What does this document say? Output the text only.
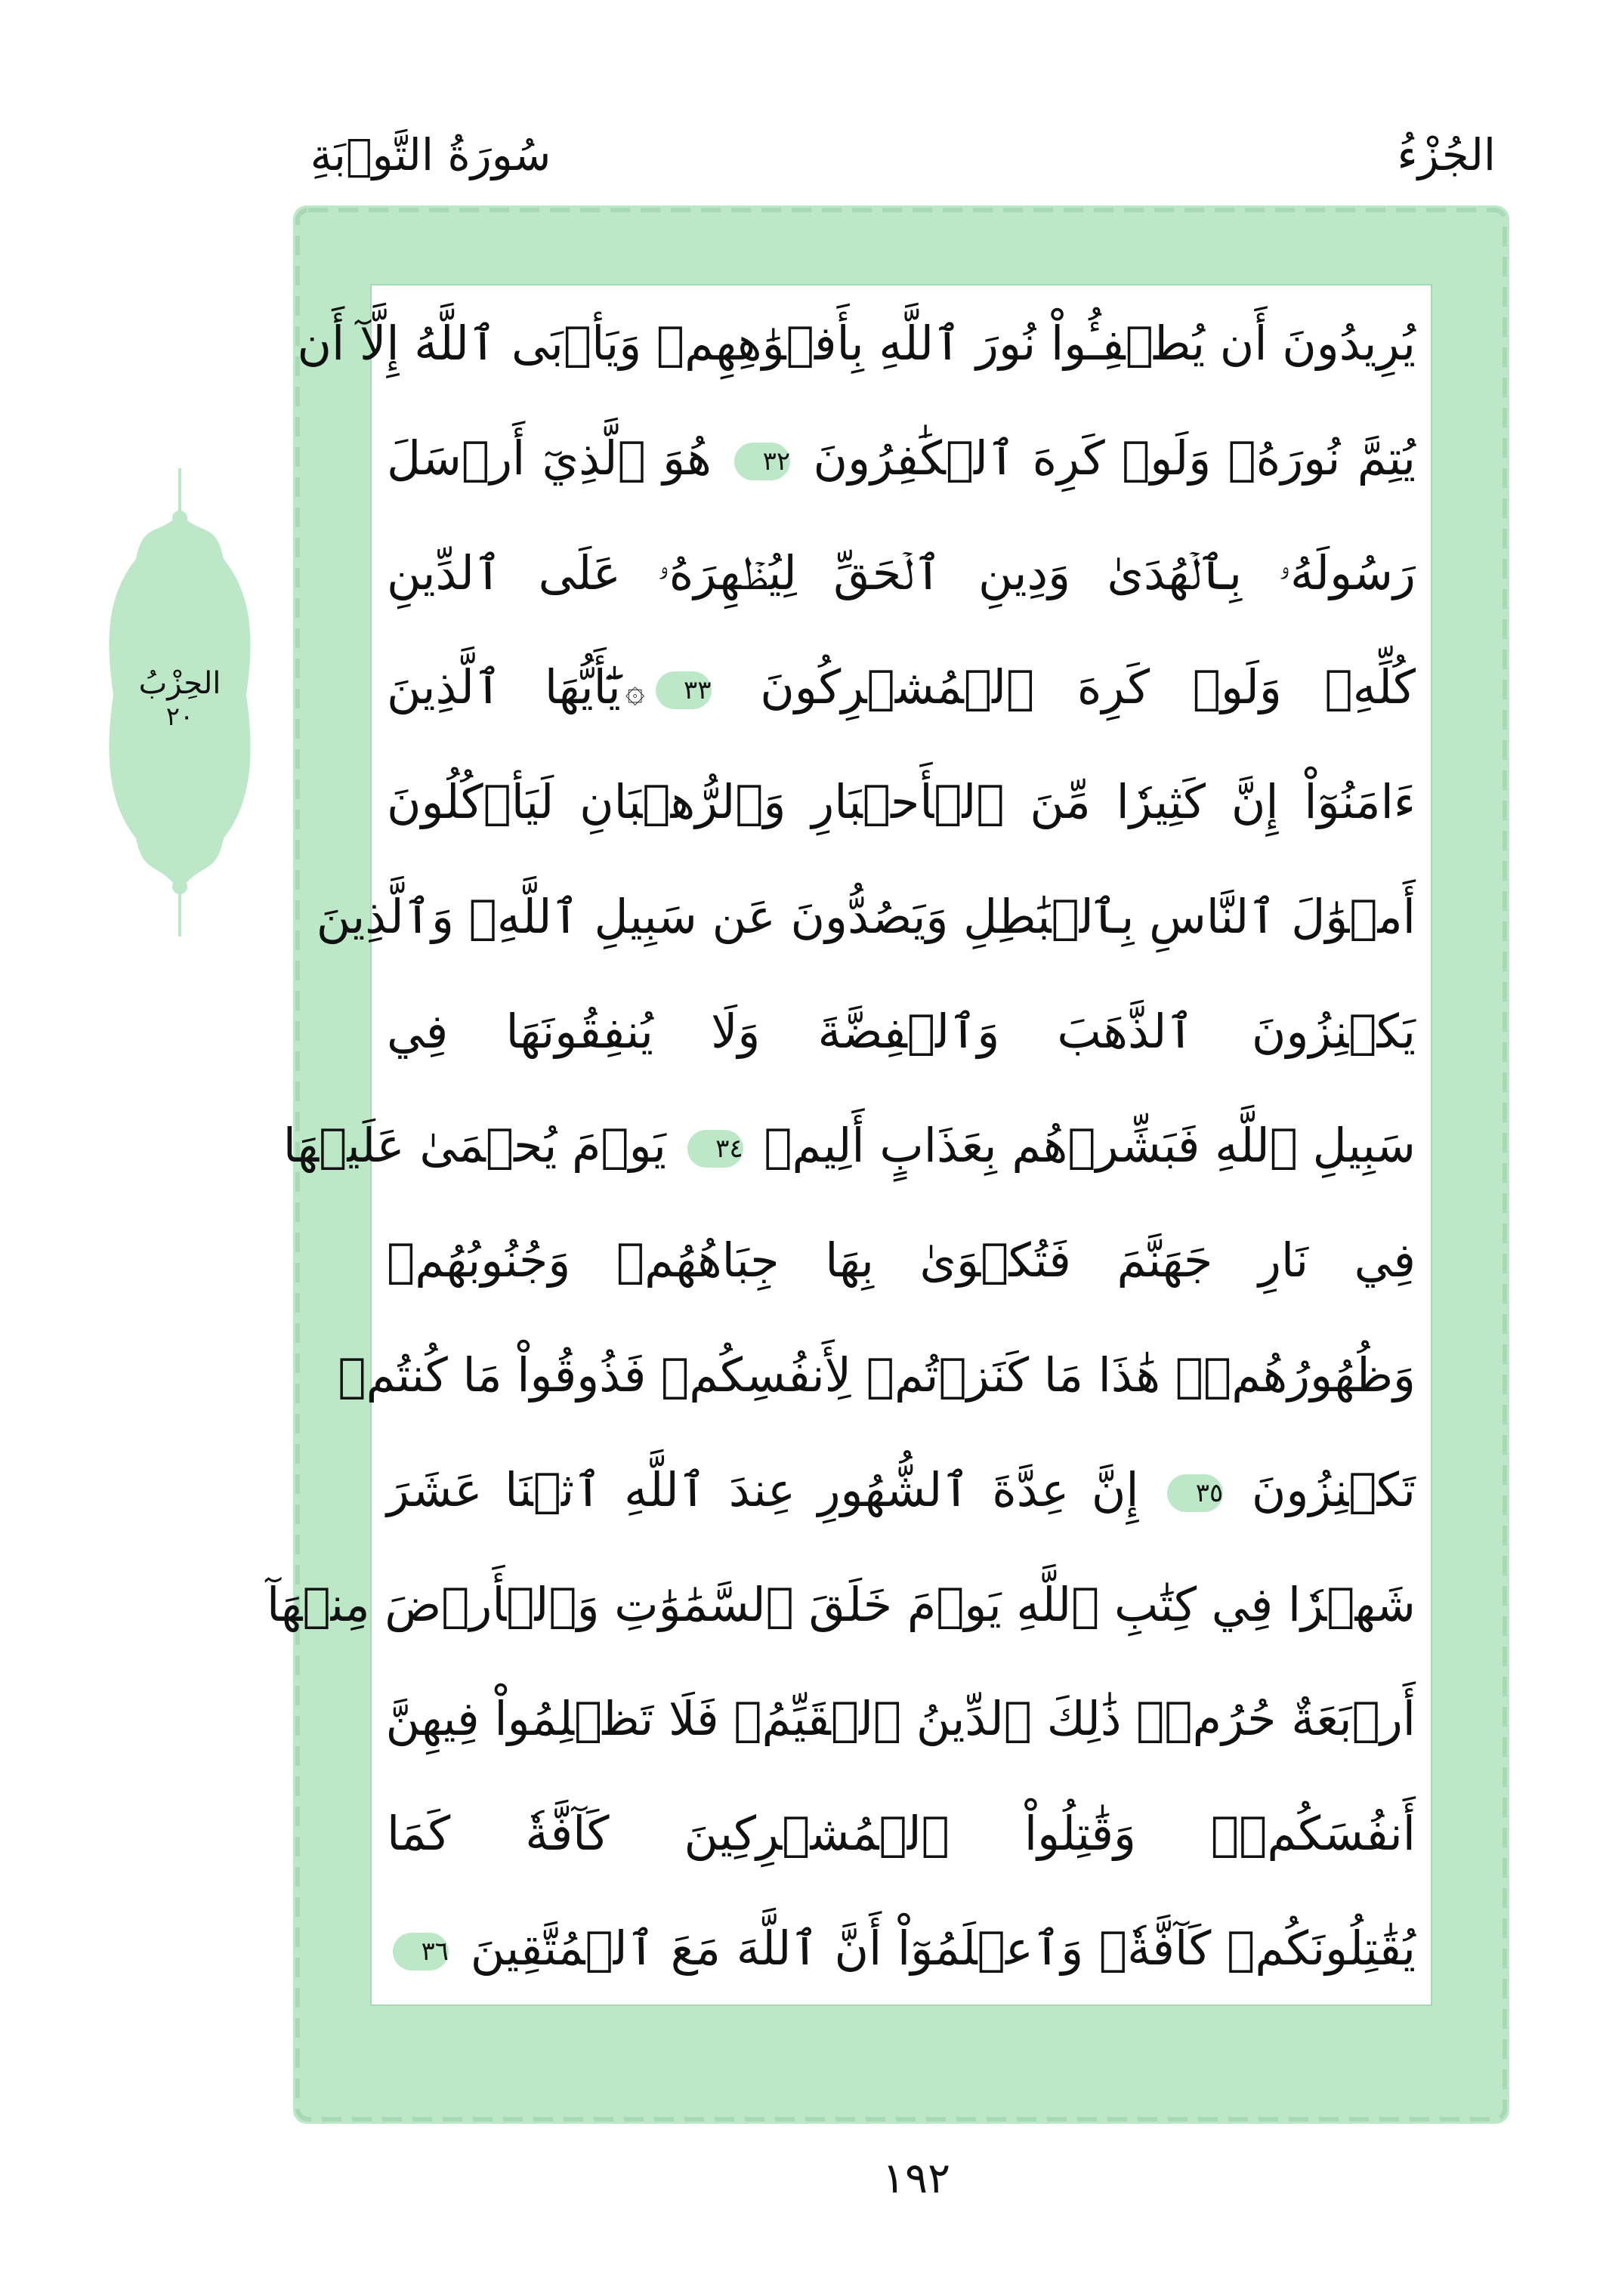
الجُزْءُ
سُورَةُ التَّوۡبَةِ
يُرِيدُونَ أَن يُطۡفِـُٔواْ نُورَ ٱللَّهِ بِأَفۡوَٰهِهِمۡ وَيَأۡبَى ٱللَّهُ إِلَّآ أَن
يُتِمَّ نُورَهُۥ وَلَوۡ كَرِهَ ٱلۡكَٰفِرُونَ ٣٢ هُوَ ٱلَّذِيٓ أَرۡسَلَ
رَسُولَهُۥ بِٱلۡهُدَىٰ وَدِينِ ٱلۡحَقِّ لِيُظۡهِرَهُۥ عَلَى ٱلدِّينِ
كُلِّهِۦ وَلَوۡ كَرِهَ ٱلۡمُشۡرِكُونَ ٣٣۞يَٰٓأَيُّهَا ٱلَّذِينَ
ءَامَنُوٓاْ إِنَّ كَثِيرٗا مِّنَ ٱلۡأَحۡبَارِ وَٱلرُّهۡبَانِ لَيَأۡكُلُونَ
أَمۡوَٰلَ ٱلنَّاسِ بِٱلۡبَٰطِلِ وَيَصُدُّونَ عَن سَبِيلِ ٱللَّهِۗ وَٱلَّذِينَ
يَكۡنِزُونَ ٱلذَّهَبَ وَٱلۡفِضَّةَ وَلَا يُنفِقُونَهَا فِي
سَبِيلِ ٱللَّهِ فَبَشِّرۡهُم بِعَذَابٍ أَلِيمٖ ٣٤ يَوۡمَ يُحۡمَىٰ عَلَيۡهَا
فِي نَارِ جَهَنَّمَ فَتُكۡوَىٰ بِهَا جِبَاهُهُمۡ وَجُنُوبُهُمۡ
وَظُهُورُهُمۡۖ هَٰذَا مَا كَنَزۡتُمۡ لِأَنفُسِكُمۡ فَذُوقُواْ مَا كُنتُمۡ
تَكۡنِزُونَ ٣٥ إِنَّ عِدَّةَ ٱلشُّهُورِ عِندَ ٱللَّهِ ٱثۡنَا عَشَرَ
شَهۡرٗا فِي كِتَٰبِ ٱللَّهِ يَوۡمَ خَلَقَ ٱلسَّمَٰوَٰتِ وَٱلۡأَرۡضَ مِنۡهَآ
أَرۡبَعَةٌ حُرُمٞۚ ذَٰلِكَ ٱلدِّينُ ٱلۡقَيِّمُۚ فَلَا تَظۡلِمُواْ فِيهِنَّ
أَنفُسَكُمۡۚ وَقَٰتِلُواْ ٱلۡمُشۡرِكِينَ كَآفَّةٗ كَمَا
يُقَٰتِلُونَكُمۡ كَآفَّةٗۚ وَٱعۡلَمُوٓاْ أَنَّ ٱللَّهَ مَعَ ٱلۡمُتَّقِينَ ٣٦
الحِزْبُ
٢٠
١٩٢
